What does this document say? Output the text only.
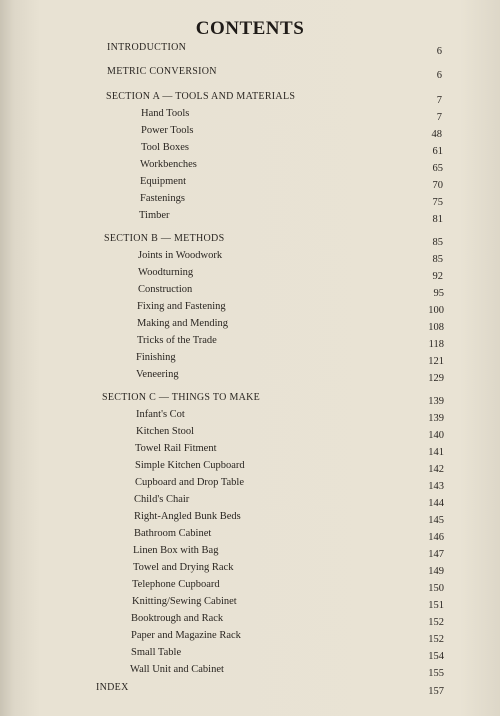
CONTENTS
INTRODUCTION	6
METRIC CONVERSION	6
SECTION A — TOOLS AND MATERIALS	7
Hand Tools	7
Power Tools	48
Tool Boxes	61
Workbenches	65
Equipment	70
Fastenings	75
Timber	81
SECTION B — METHODS	85
Joints in Woodwork	85
Woodturning	92
Construction	95
Fixing and Fastening	100
Making and Mending	108
Tricks of the Trade	118
Finishing	121
Veneering	129
SECTION C — THINGS TO MAKE	139
Infant's Cot	139
Kitchen Stool	140
Towel Rail Fitment	141
Simple Kitchen Cupboard	142
Cupboard and Drop Table	143
Child's Chair	144
Right-Angled Bunk Beds	145
Bathroom Cabinet	146
Linen Box with Bag	147
Towel and Drying Rack	149
Telephone Cupboard	150
Knitting/Sewing Cabinet	151
Booktrough and Rack	152
Paper and Magazine Rack	152
Small Table	154
Wall Unit and Cabinet	155
INDEX	157
